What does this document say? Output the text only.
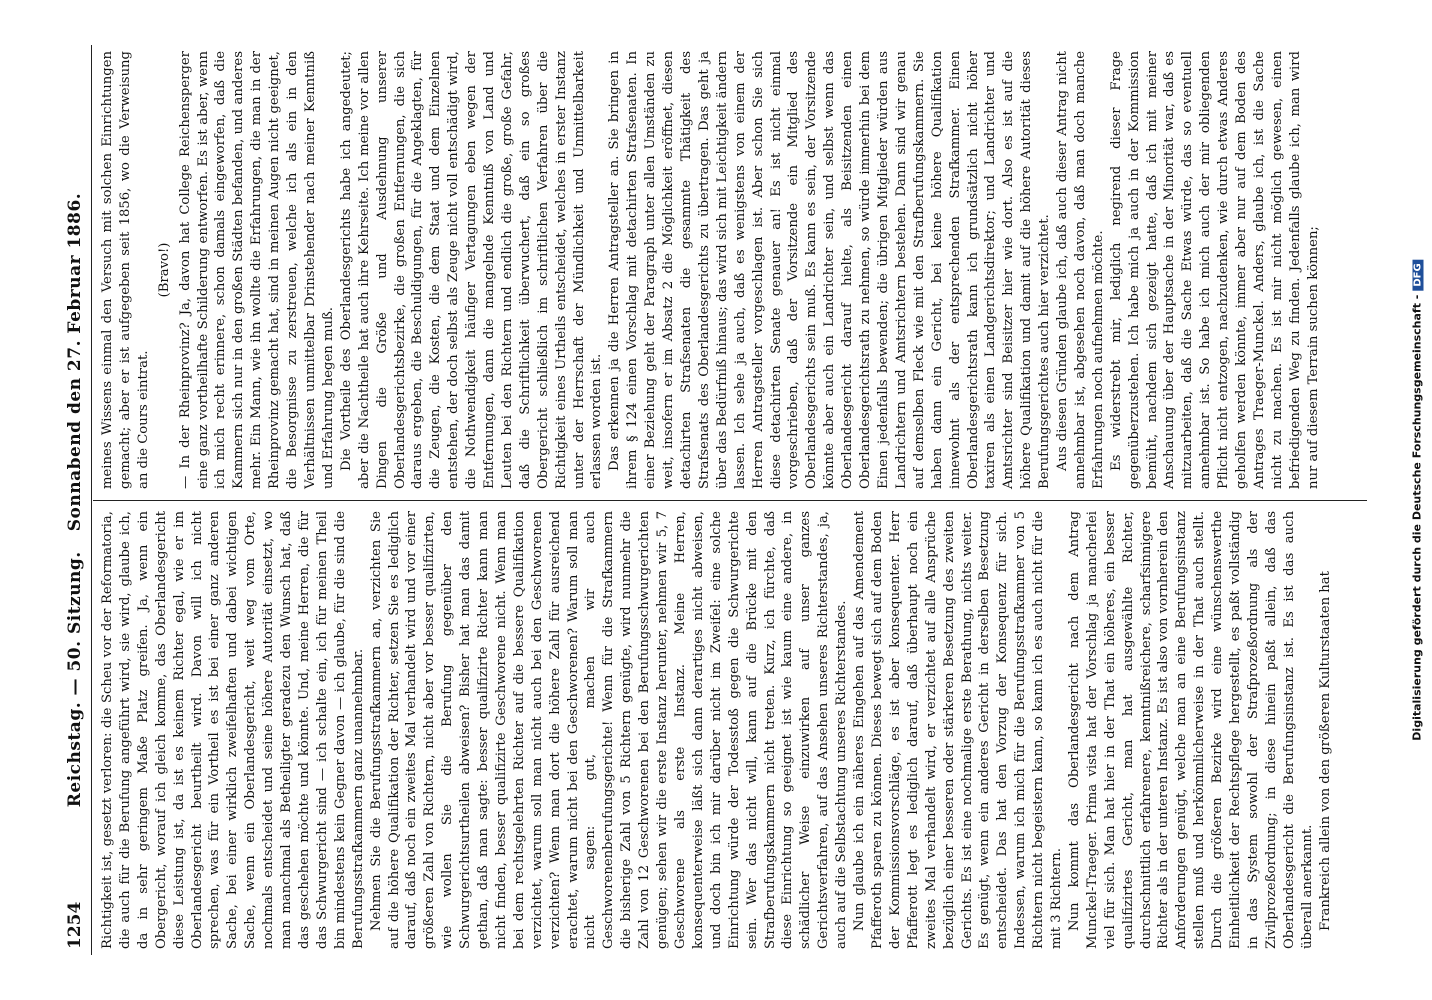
1254
Reichstag. — 50. Sitzung.Sonnabend den 27. Februar 1886.

Richtigkeit ist, gesetzt verloren: die Scheu vor der Reformatoria, die auch für die Berufung angeführt wird, sie wird, glaube ich, da in sehr geringem Maße Platz greifen. Ja, wenn ein Obergericht, worauf ich gleich komme, das Oberlandesgericht diese Leistung ist, da ist es keinem Richter egal, wie er im Oberlandesgericht beurtheilt wird. Davon will ich nicht sprechen, was für ein Vortheil es ist bei einer ganz anderen Sache, bei einer wirklich zweifelhaften und dabei wichtigen Sache, wenn ein Oberlandesgericht, weit weg vom Orte, nochmals entscheidet und seine höhere Autorität einsetzt, wo man manchmal als Betheiligter geradezu den Wunsch hat, daß das geschehen möchte und könnte. Und, meine Herren, die für das Schwurgericht sind — ich schalte ein, ich für meinen Theil bin mindestens kein Gegner davon — ich glaube, für die sind die Berufungsstrafkammern ganz unannehmbar. Nehmen Sie die Berufungsstrafkammern an, verzichten Sie auf die höhere Qualifikation der Richter, setzen Sie es lediglich darauf, daß noch ein zweites Mal verhandelt wird und vor einer größeren Zahl von Richtern, nicht aber vor besser qualifizirten, wie wollen Sie die Berufung gegenüber den Schwurgerichtsurtheilen abweisen? Bisher hat man das damit gethan, daß man sagte: besser qualifizirte Richter kann man nicht finden, besser qualifizirte Geschworene nicht. Wenn man bei dem rechtsgelehrten Richter auf die bessere Qualifikation verzichtet, warum soll man nicht auch bei den Geschworenen verzichten? Wenn man dort die höhere Zahl für ausreichend erachtet, warum nicht bei den Geschworenen? Warum soll man nicht sagen: gut, machen wir auch Geschworenenberufungsgerichte! Wenn für die Strafkammern die bisherige Zahl von 5 Richtern genügte, wird nunmehr die Zahl von 12 Geschworenen bei den Berufungsschwurgerichten genügen; sehen wir die erste Instanz herunter, nehmen wir 5, 7 Geschworene als erste Instanz. Meine Herren, konsequenterweise läßt sich dann derartiges nicht abweisen, und doch bin ich mir darüber nicht im Zweifel: eine solche Einrichtung würde der Todesstoß gegen die Schwurgerichte sein. Wer das nicht will, kann auf die Brücke mit den Strafberufungskammern nicht treten. Kurz, ich fürchte, daß diese Einrichtung so geeignet ist wie kaum eine andere, in schädlicher Weise einzuwirken auf unser ganzes Gerichtsverfahren, auf das Ansehen unseres Richterstandes, ja, auch auf die Selbstachtung unseres Richterstandes. Nun glaube ich ein näheres Eingehen auf das Amendement Pfafferoth sparen zu können. Dieses bewegt sich auf dem Boden der Kommissionsvorschläge, es ist aber konsequenter. Herr Pfafferott legt es lediglich darauf, daß überhaupt noch ein zweites Mal verhandelt wird, er verzichtet auf alle Ansprüche bezüglich einer besseren oder stärkeren Besetzung des zweiten Gerichts. Es ist eine nochmalige erste Berathung, nichts weiter. Es genügt, wenn ein anderes Gericht in derselben Besetzung entscheidet. Das hat den Vorzug der Konsequenz für sich. Indessen, warum ich mich für die Berufungsstrafkammer von 5 Richtern nicht begeistern kann, so kann ich es auch nicht für die mit 3 Richtern. Nun kommt das Oberlandesgericht nach dem Antrag Munckel-Traeger. Prima vista hat der Vorschlag ja mancherlei viel für sich. Man hat hier in der That ein höheres, ein besser qualifizirtes Gericht, man hat ausgewählte Richter, durchschnittlich erfahrenere, kenntnißreichere, scharfsinnigere Richter als in der unteren Instanz. Es ist also von vornherein den Anforderungen genügt, welche man an eine Berufungsinstanz stellen muß und herkömmlicherweise in der That auch stellt. Durch die größeren Bezirke wird eine wünschenswerthe Einheitlichkeit der Rechtspflege hergestellt, es paßt vollständig in das System sowohl der Strafprozeßordnung als der Zivilprozeßordnung; in diese hinein paßt allein, daß das Oberlandesgericht die Berufungsinstanz ist. Es ist das auch überall anerkannt. Frankreich allein von den größeren Kulturstaaten hat

meines Wissens einmal den Versuch mit solchen Einrichtungen gemacht; aber er ist aufgegeben seit 1856, wo die Verweisung an die Cours eintrat.

(Bravo!) — In der Rheinprovinz? Ja, davon hat College Reichensperger eine ganz vortheilhafte Schilderung entworfen. Es ist aber, wenn ich mich recht erinnere, schon damals eingeworfen, daß die Kammern sich nur in den großen Städten befanden, und anderes mehr. Ein Mann, wie ihn wollte die Erfahrungen, die man in der Rheinprovinz gemacht hat, sind in meinen Augen nicht geeignet, die Besorgnisse zu zerstreuen, welche ich als ein in den Verhältnissen unmittelbar Drinstehender nach meiner Kenntniß und Erfahrung hegen muß. Die Vortheile des Oberlandesgerichts habe ich angedeutet; aber die Nachtheile hat auch ihre Kehrseite. Ich meine vor allen Dingen die Größe und Ausdehnung unserer Oberlandesgerichtsbezirke, die großen Entfernungen, die sich daraus ergeben, die Beschuldigungen, für die Angeklagten, für die Zeugen, die Kosten, die dem Staat und dem Einzelnen entstehen, der doch selbst als Zeuge nicht voll entschädigt wird, die Nothwendigkeit häufiger Vertagungen eben wegen der Entfernungen, dann die mangelnde Kenntniß von Land und Leuten bei den Richtern und endlich die große, große Gefahr, daß die Schriftlichkeit überwuchert, daß ein so großes Obergericht schließlich im schriftlichen Verfahren über die Richtigkeit eines Urtheils entscheidet, welches in erster Instanz unter der Herrschaft der Mündlichkeit und Unmittelbarkeit erlassen worden ist. Das erkennen ja die Herren Antragsteller an. Sie bringen in ihrem § 124 einen Vorschlag mit detachirten Strafsenaten. In einer Beziehung geht der Paragraph unter allen Umständen zu weit, insofern er im Absatz 2 die Möglichkeit eröffnet, diesen detachirten Strafsenaten die gesammte Thätigkeit des Strafsenats des Oberlandesgerichts zu übertragen. Das geht ja über das Bedürfniß hinaus; das wird sich mit Leichtigkeit ändern lassen. Ich sehe ja auch, daß es wenigstens von einem der Herren Antragsteller vorgeschlagen ist. Aber schon Sie sich diese detachirten Senate genauer an! Es ist nicht einmal vorgeschrieben, daß der Vorsitzende ein Mitglied des Oberlandesgerichts sein muß. Es kann es sein, der Vorsitzende könnte aber auch ein Landrichter sein, und selbst wenn das Oberlandesgericht darauf hielte, als Beisitzenden einen Oberlandesgerichtsrath zu nehmen, so würde immerhin bei dem Einen jedenfalls bewenden; die übrigen Mitglieder würden aus Landrichtern und Amtsrichtern bestehen. Dann sind wir genau auf demselben Fleck wie mit den Strafberufungskammern. Sie haben dann ein Gericht, bei keine höhere Qualifikation innewohnt als der entsprechenden Strafkammer. Einen Oberlandesgerichtsrath kann ich grundsätzlich nicht höher taxiren als einen Landgerichtsdirektor; und Landrichter und Amtsrichter sind Beisitzer hier wie dort. Also es ist auf die höhere Qualifikation und damit auf die höhere Autorität dieses Berufungsgerichtes auch hier verzichtet. Aus diesen Gründen glaube ich, daß auch dieser Antrag nicht annehmbar ist, abgesehen noch davon, daß man doch manche Erfahrungen noch aufnehmen möchte. Es widerstrebt mir, lediglich negirend dieser Frage gegenüberzustehen. Ich habe mich ja auch in der Kommission bemüht, nachdem sich gezeigt hatte, daß ich mit meiner Anschauung über der Hauptsache in der Minorität war, daß es mitzuarbeiten, daß die Sache Etwas würde, das so eventuell annehmbar ist. So habe ich mich auch der mir obliegenden Pflicht nicht entzogen, nachzudenken, wie durch etwas Anderes geholfen werden könnte, immer aber nur auf dem Boden des Antrages Traeger-Munckel. Anders, glaube ich, ist die Sache nicht zu machen. Es ist mir nicht möglich gewesen, einen befriedigenden Weg zu finden. Jedenfalls glaube ich, man wird nur auf diesem Terrain suchen können;	Digitalisierung gefördert durch die Deutsche Forschungsgemeinschaft -DFG
